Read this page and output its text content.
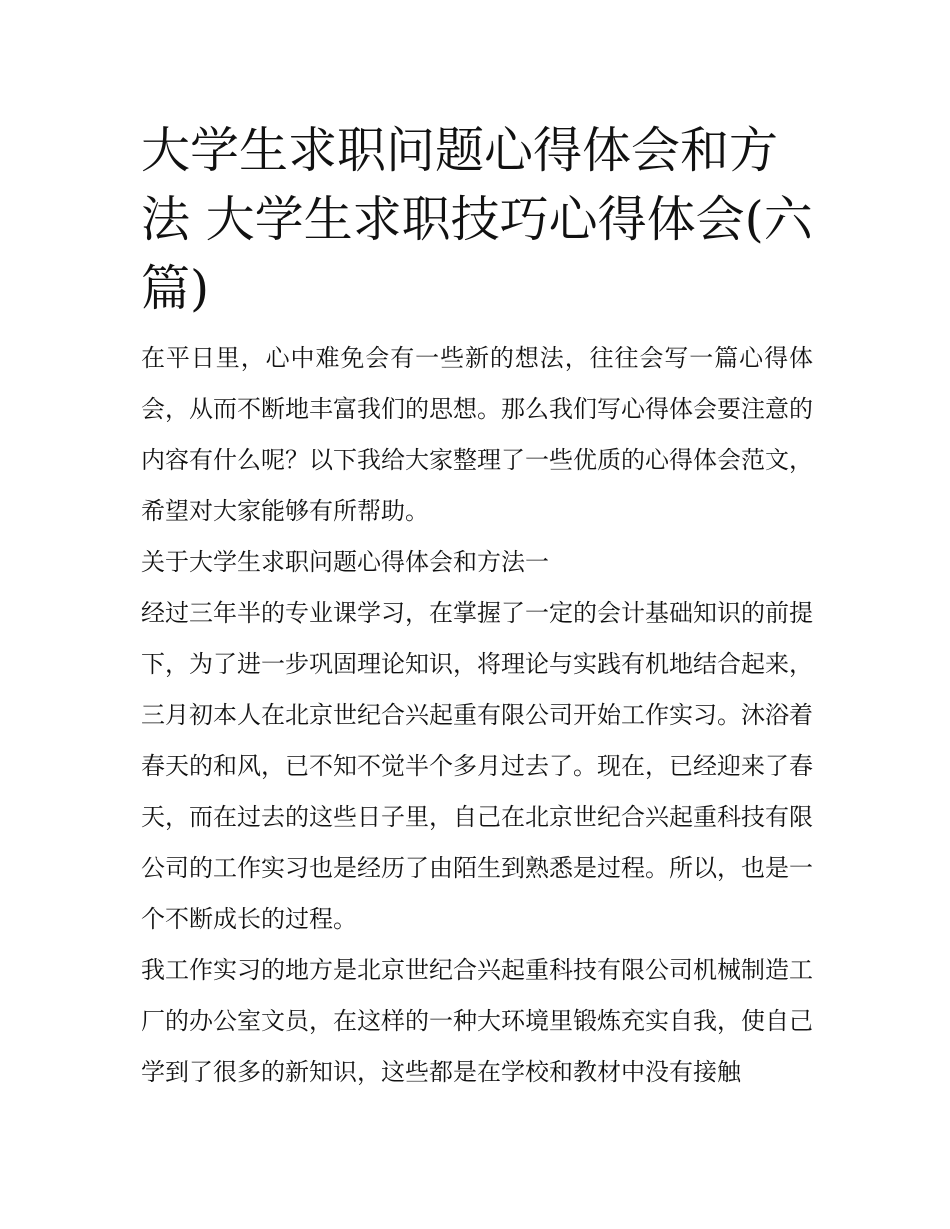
大学生求职问题心得体会和方法 大学生求职技巧心得体会(六篇)

在平日里，心中难免会有一些新的想法，往往会写一篇心得体会，从而不断地丰富我们的思想。那么我们写心得体会要注意的内容有什么呢？以下我给大家整理了一些优质的心得体会范文，希望对大家能够有所帮助。

关于大学生求职问题心得体会和方法一

经过三年半的专业课学习，在掌握了一定的会计基础知识的前提下，为了进一步巩固理论知识，将理论与实践有机地结合起来，三月初本人在北京世纪合兴起重有限公司开始工作实习。沐浴着春天的和风，已不知不觉半个多月过去了。现在，已经迎来了春天，而在过去的这些日子里，自己在北京世纪合兴起重科技有限公司的工作实习也是经历了由陌生到熟悉是过程。所以，也是一个不断成长的过程。

我工作实习的地方是北京世纪合兴起重科技有限公司机械制造工厂的办公室文员，在这样的一种大环境里锻炼充实自我，使自己学到了很多的新知识，这些都是在学校和教材中没有接触
